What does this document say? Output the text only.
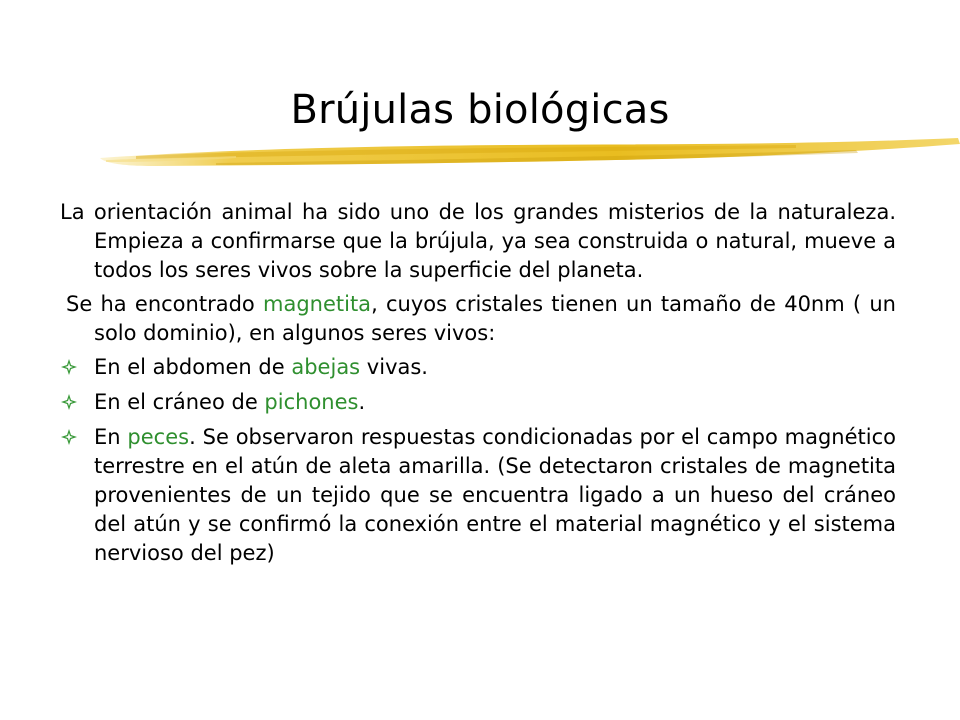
Brújulas biológicas

La orientación animal ha sido uno de los grandes misterios de la naturaleza. Empieza a confirmarse que la brújula, ya sea construida o natural, mueve a todos los seres vivos sobre la superficie del planeta.

Se ha encontrado magnetita, cuyos cristales tienen un tamaño de 40nm ( un solo dominio), en algunos seres vivos:

En el abdomen de abejas vivas.
En el cráneo de pichones.
En peces. Se observaron respuestas condicionadas por el campo magnético terrestre en el atún de aleta amarilla. (Se detectaron cristales de magnetita provenientes de un tejido que se encuentra ligado a un hueso del cráneo del atún y se confirmó la conexión entre el material magnético y el sistema nervioso del pez)
